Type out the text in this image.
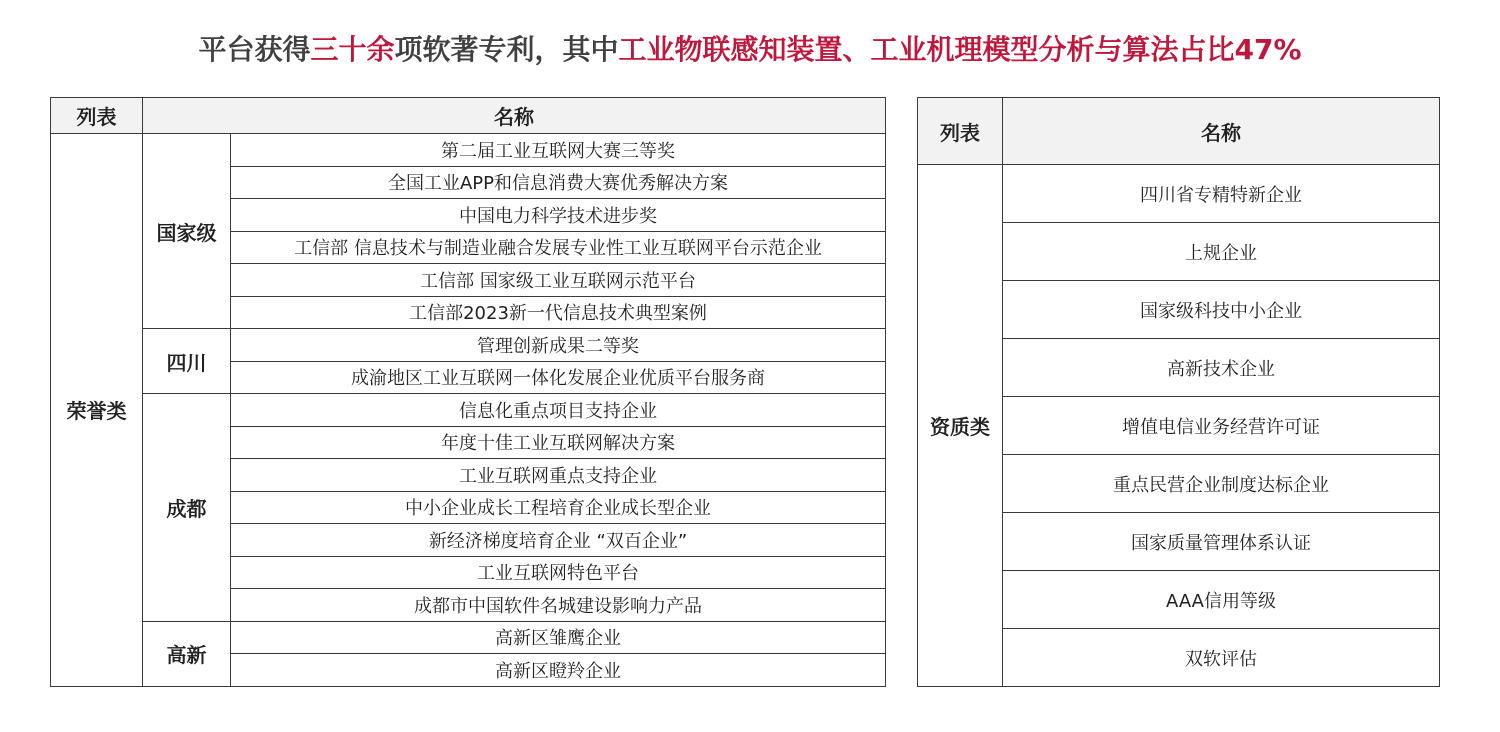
平台获得三十余项软著专利，其中工业物联感知装置、工业机理模型分析与算法占比47%
列表	名称	
荣誉类	国家级	第二届工业互联网大赛三等奖
		全国工业APP和信息消费大赛优秀解决方案
		中国电力科学技术进步奖
		工信部 信息技术与制造业融合发展专业性工业互联网平台示范企业
		工信部 国家级工业互联网示范平台
		工信部2023新一代信息技术典型案例
	四川	管理创新成果二等奖
		成渝地区工业互联网一体化发展企业优质平台服务商
	成都	信息化重点项目支持企业
		年度十佳工业互联网解决方案
		工业互联网重点支持企业
		中小企业成长工程培育企业成长型企业
		新经济梯度培育企业 “双百企业”
		工业互联网特色平台
		成都市中国软件名城建设影响力产品
	高新	高新区雏鹰企业
		高新区瞪羚企业
列表	名称
资质类	四川省专精特新企业
	上规企业
	国家级科技中小企业
	高新技术企业
	增值电信业务经营许可证
	重点民营企业制度达标企业
	国家质量管理体系认证
	AAA信用等级
	双软评估
